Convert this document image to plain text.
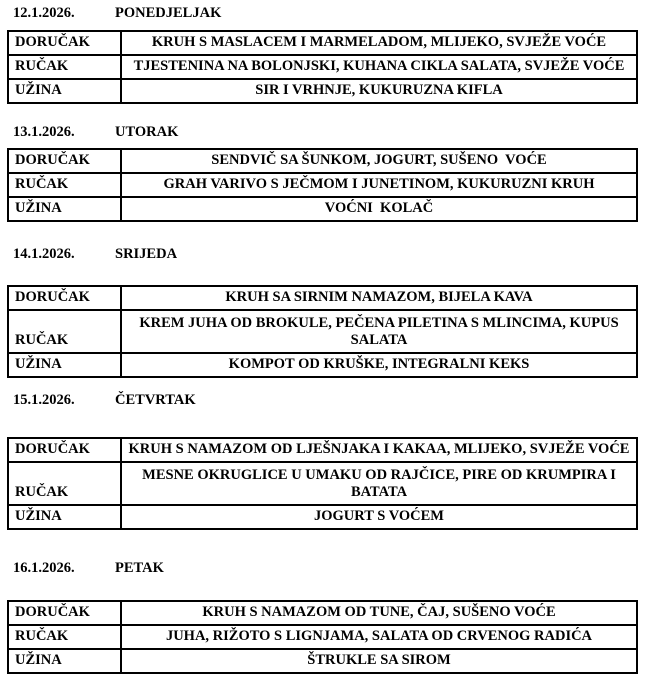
12.1.2026.	PONEDJELJAK
DORUČAK	KRUH S MASLACEM I MARMELADOM, MLIJEKO, SVJEŽE VOĆE
RUČAK	TJESTENINA NA BOLONJSKI, KUHANA CIKLA SALATA, SVJEŽE VOĆE
UŽINA	SIR I VRHNJE, KUKURUZNA KIFLA
13.1.2026.	UTORAK
DORUČAK	SENDVIČ SA ŠUNKOM, JOGURT, SUŠENO  VOĆE
RUČAK	GRAH VARIVO S JEČMOM I JUNETINOM, KUKURUZNI KRUH
UŽINA	VOĆNI  KOLAČ
14.1.2026.	SRIJEDA
DORUČAK	KRUH SA SIRNIM NAMAZOM, BIJELA KAVA
RUČAK	KREM JUHA OD BROKULE, PEČENA PILETINA S MLINCIMA, KUPUS SALATA
UŽINA	KOMPOT OD KRUŠKE, INTEGRALNI KEKS
15.1.2026.	ČETVRTAK
DORUČAK	KRUH S NAMAZOM OD LJEŠNJAKA I KAKAA, MLIJEKO, SVJEŽE VOĆE
RUČAK	MESNE OKRUGLICE U UMAKU OD RAJČICE, PIRE OD KRUMPIRA I BATATA
UŽINA	JOGURT S VOĆEM
16.1.2026.	PETAK
DORUČAK	KRUH S NAMAZOM OD TUNE, ČAJ, SUŠENO VOĆE
RUČAK	JUHA, RIŽOTO S LIGNJAMA, SALATA OD CRVENOG RADIĆA
UŽINA	ŠTRUKLE SA SIROM
